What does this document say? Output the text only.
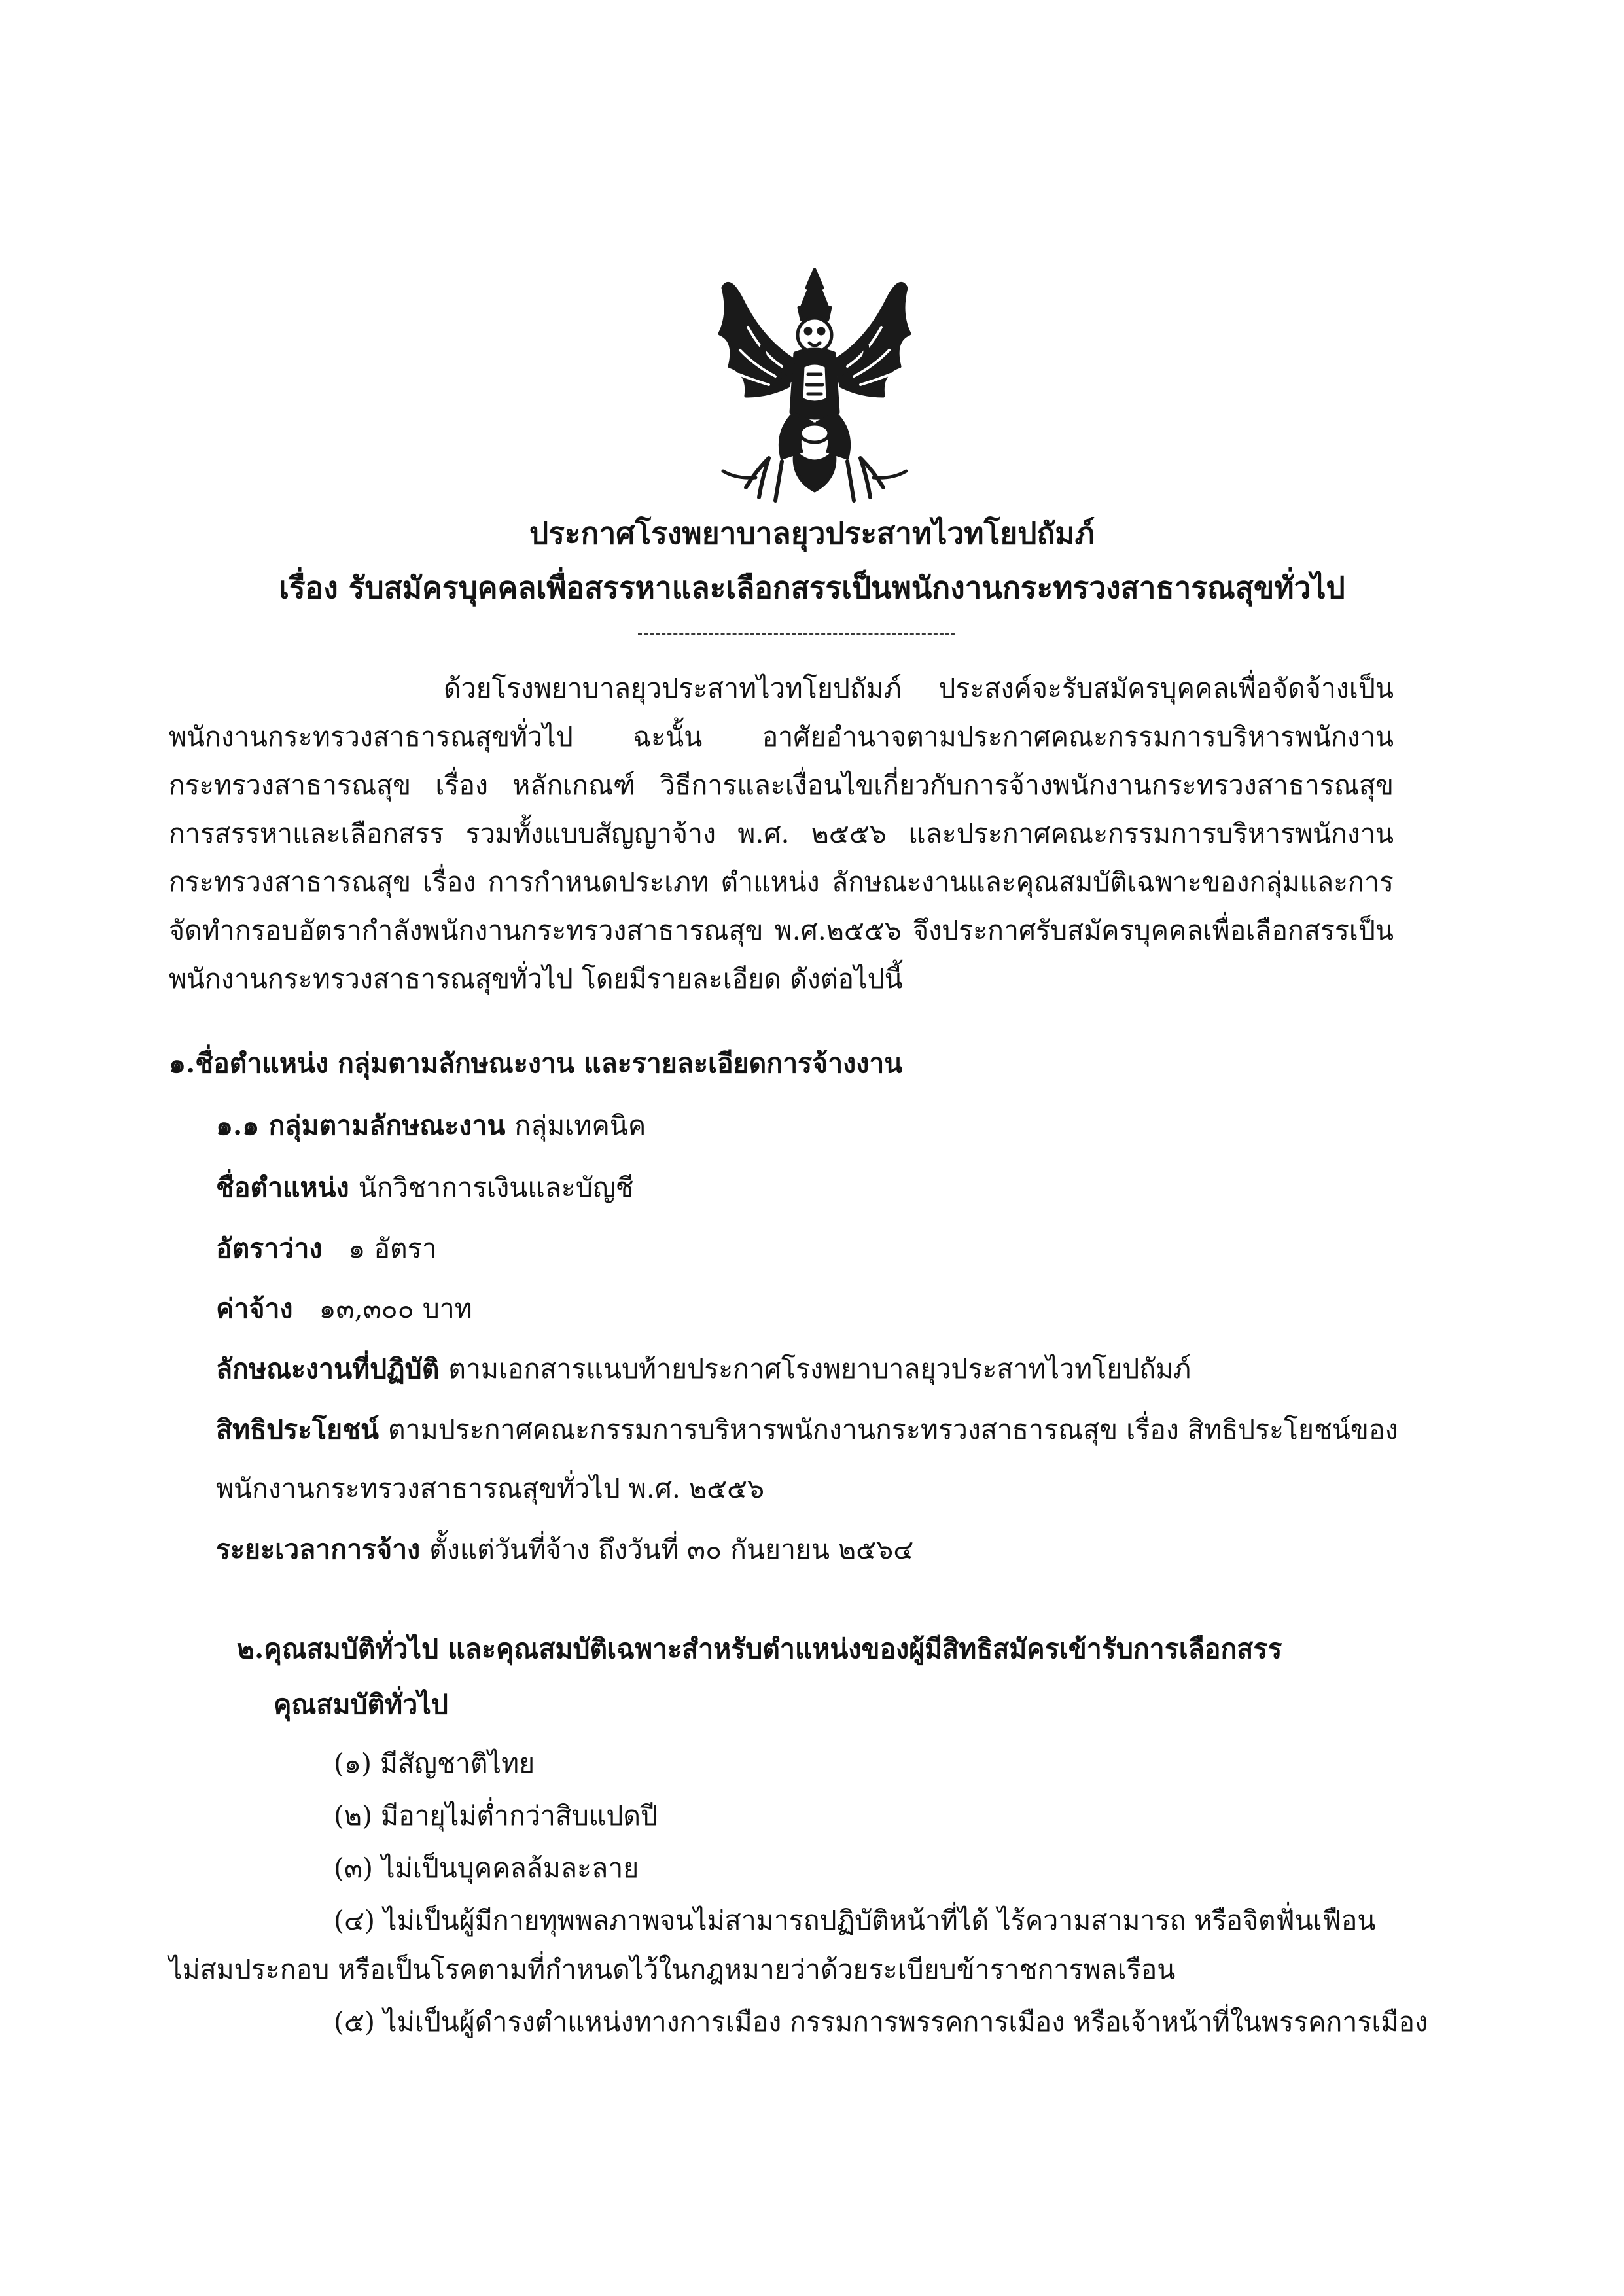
ประกาศโรงพยาบาลยุวประสาทไวทโยปถัมภ์
เรื่อง รับสมัครบุคคลเพื่อสรรหาและเลือกสรรเป็นพนักงานกระทรวงสาธารณสุขทั่วไป
ด้วยโรงพยาบาลยุวประสาทไวทโยปถัมภ์ ประสงค์จะรับสมัครบุคคลเพื่อจัดจ้างเป็นพนักงานกระทรวงสาธารณสุขทั่วไป ฉะนั้น อาศัยอำนาจตามประกาศคณะกรรมการบริหารพนักงานกระทรวงสาธารณสุข เรื่อง หลักเกณฑ์ วิธีการและเงื่อนไขเกี่ยวกับการจ้างพนักงานกระทรวงสาธารณสุข การสรรหาและเลือกสรร รวมทั้งแบบสัญญาจ้าง พ.ศ. ๒๕๕๖ และประกาศคณะกรรมการบริหารพนักงานกระทรวงสาธารณสุข เรื่อง การกำหนดประเภท ตำแหน่ง ลักษณะงานและคุณสมบัติเฉพาะของกลุ่มและการจัดทำกรอบอัตรากำลังพนักงานกระทรวงสาธารณสุข พ.ศ.๒๕๕๖ จึงประกาศรับสมัครบุคคลเพื่อเลือกสรรเป็นพนักงานกระทรวงสาธารณสุขทั่วไป โดยมีรายละเอียด ดังต่อไปนี้
๑.ชื่อตำแหน่ง กลุ่มตามลักษณะงาน และรายละเอียดการจ้างงาน
๑.๑ กลุ่มตามลักษณะงาน กลุ่มเทคนิค
ชื่อตำแหน่ง นักวิชาการเงินและบัญชี
อัตราว่าง ๑ อัตรา
ค่าจ้าง ๑๓,๓๐๐ บาท
ลักษณะงานที่ปฏิบัติ ตามเอกสารแนบท้ายประกาศโรงพยาบาลยุวประสาทไวทโยปถัมภ์
สิทธิประโยชน์ ตามประกาศคณะกรรมการบริหารพนักงานกระทรวงสาธารณสุข เรื่อง สิทธิประโยชน์ของ
พนักงานกระทรวงสาธารณสุขทั่วไป พ.ศ. ๒๕๕๖
ระยะเวลาการจ้าง ตั้งแต่วันที่จ้าง ถึงวันที่ ๓๐ กันยายน ๒๕๖๔
๒.คุณสมบัติทั่วไป และคุณสมบัติเฉพาะสำหรับตำแหน่งของผู้มีสิทธิสมัครเข้ารับการเลือกสรร
คุณสมบัติทั่วไป
(๑) มีสัญชาติไทย
(๒) มีอายุไม่ต่ำกว่าสิบแปดปี
(๓) ไม่เป็นบุคคลล้มละลาย
(๔) ไม่เป็นผู้มีกายทุพพลภาพจนไม่สามารถปฏิบัติหน้าที่ได้ ไร้ความสามารถ หรือจิตฟั่นเฟือน
ไม่สมประกอบ หรือเป็นโรคตามที่กำหนดไว้ในกฎหมายว่าด้วยระเบียบข้าราชการพลเรือน
(๕) ไม่เป็นผู้ดำรงตำแหน่งทางการเมือง กรรมการพรรคการเมือง หรือเจ้าหน้าที่ในพรรคการเมือง
